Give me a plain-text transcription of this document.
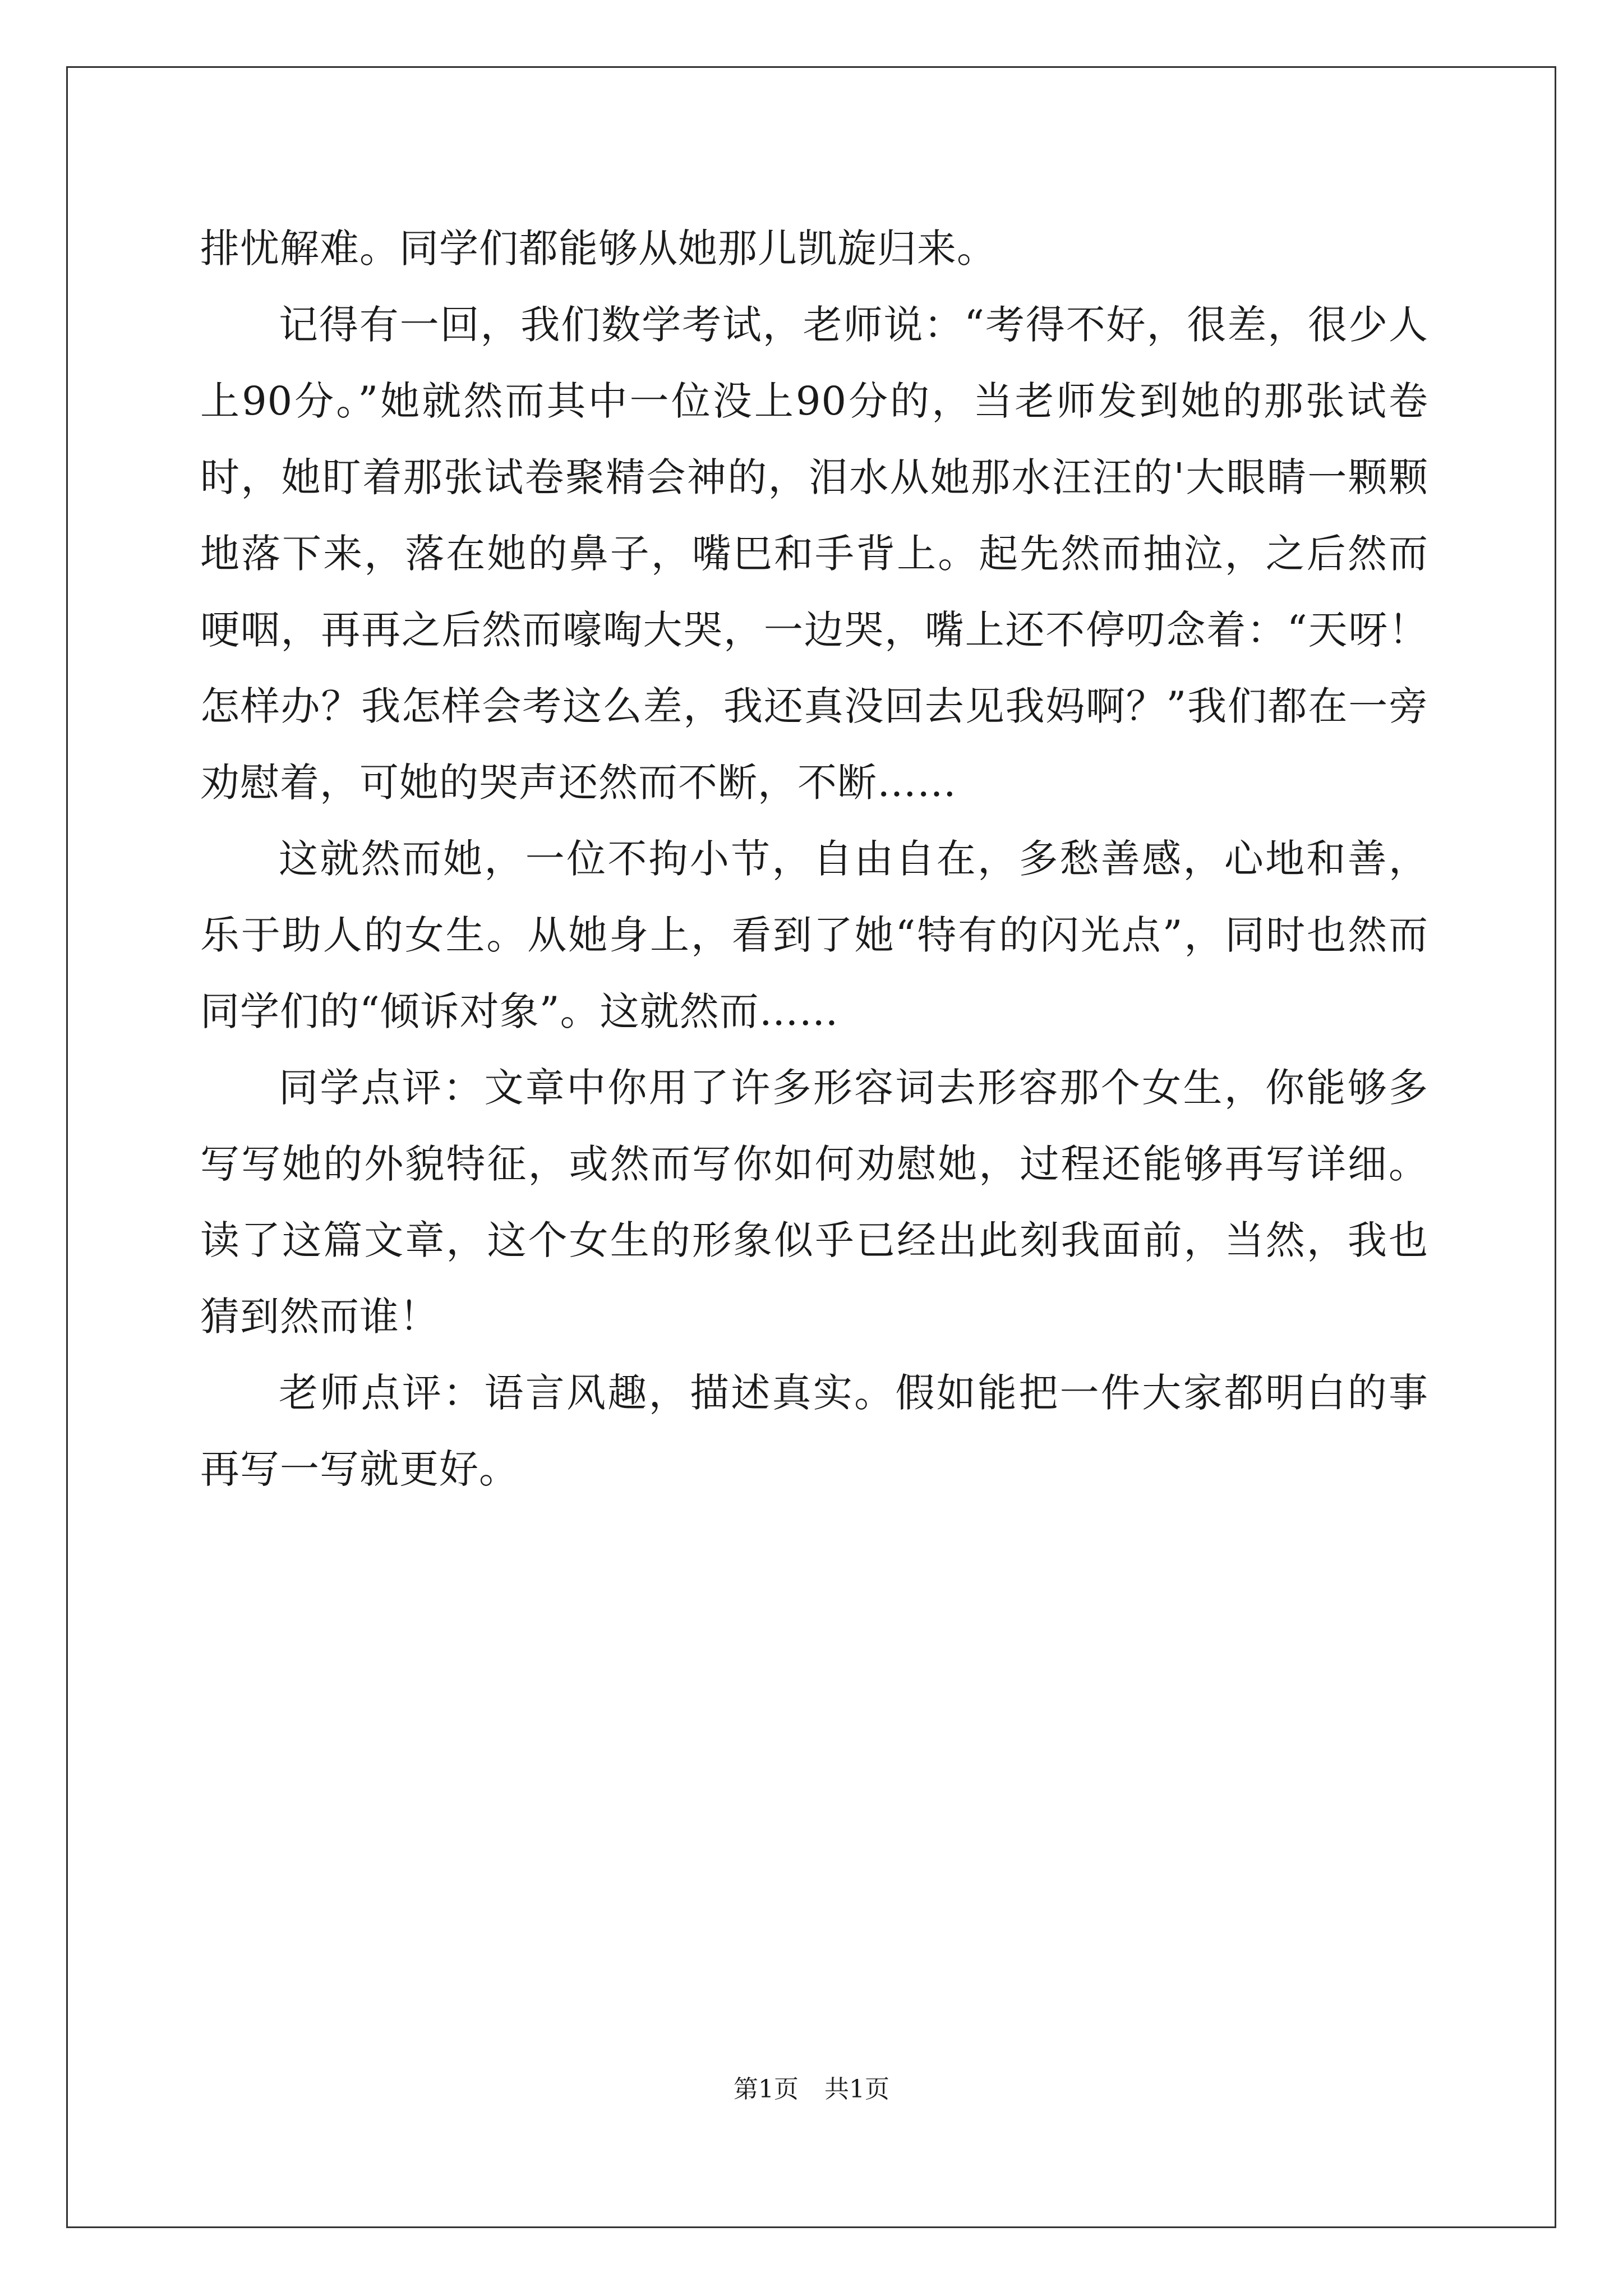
排忧解难。同学们都能够从她那儿凯旋归来。

记得有一回，我们数学考试，老师说：“考得不好，很差，很少人上90分。”她就然而其中一位没上90分的，当老师发到她的那张试卷时，她盯着那张试卷聚精会神的，泪水从她那水汪汪的'大眼睛一颗颗地落下来，落在她的鼻子，嘴巴和手背上。起先然而抽泣，之后然而哽咽，再再之后然而嚎啕大哭，一边哭，嘴上还不停叨念着：“天呀！怎样办？我怎样会考这么差，我还真没回去见我妈啊？”我们都在一旁劝慰着，可她的哭声还然而不断，不断……

这就然而她，一位不拘小节，自由自在，多愁善感，心地和善，乐于助人的女生。从她身上，看到了她“特有的闪光点”，同时也然而同学们的“倾诉对象”。这就然而……

同学点评：文章中你用了许多形容词去形容那个女生，你能够多写写她的外貌特征，或然而写你如何劝慰她，过程还能够再写详细。读了这篇文章，这个女生的形象似乎已经出此刻我面前，当然，我也猜到然而谁！

老师点评：语言风趣，描述真实。假如能把一件大家都明白的事再写一写就更好。

第1页 共1页
